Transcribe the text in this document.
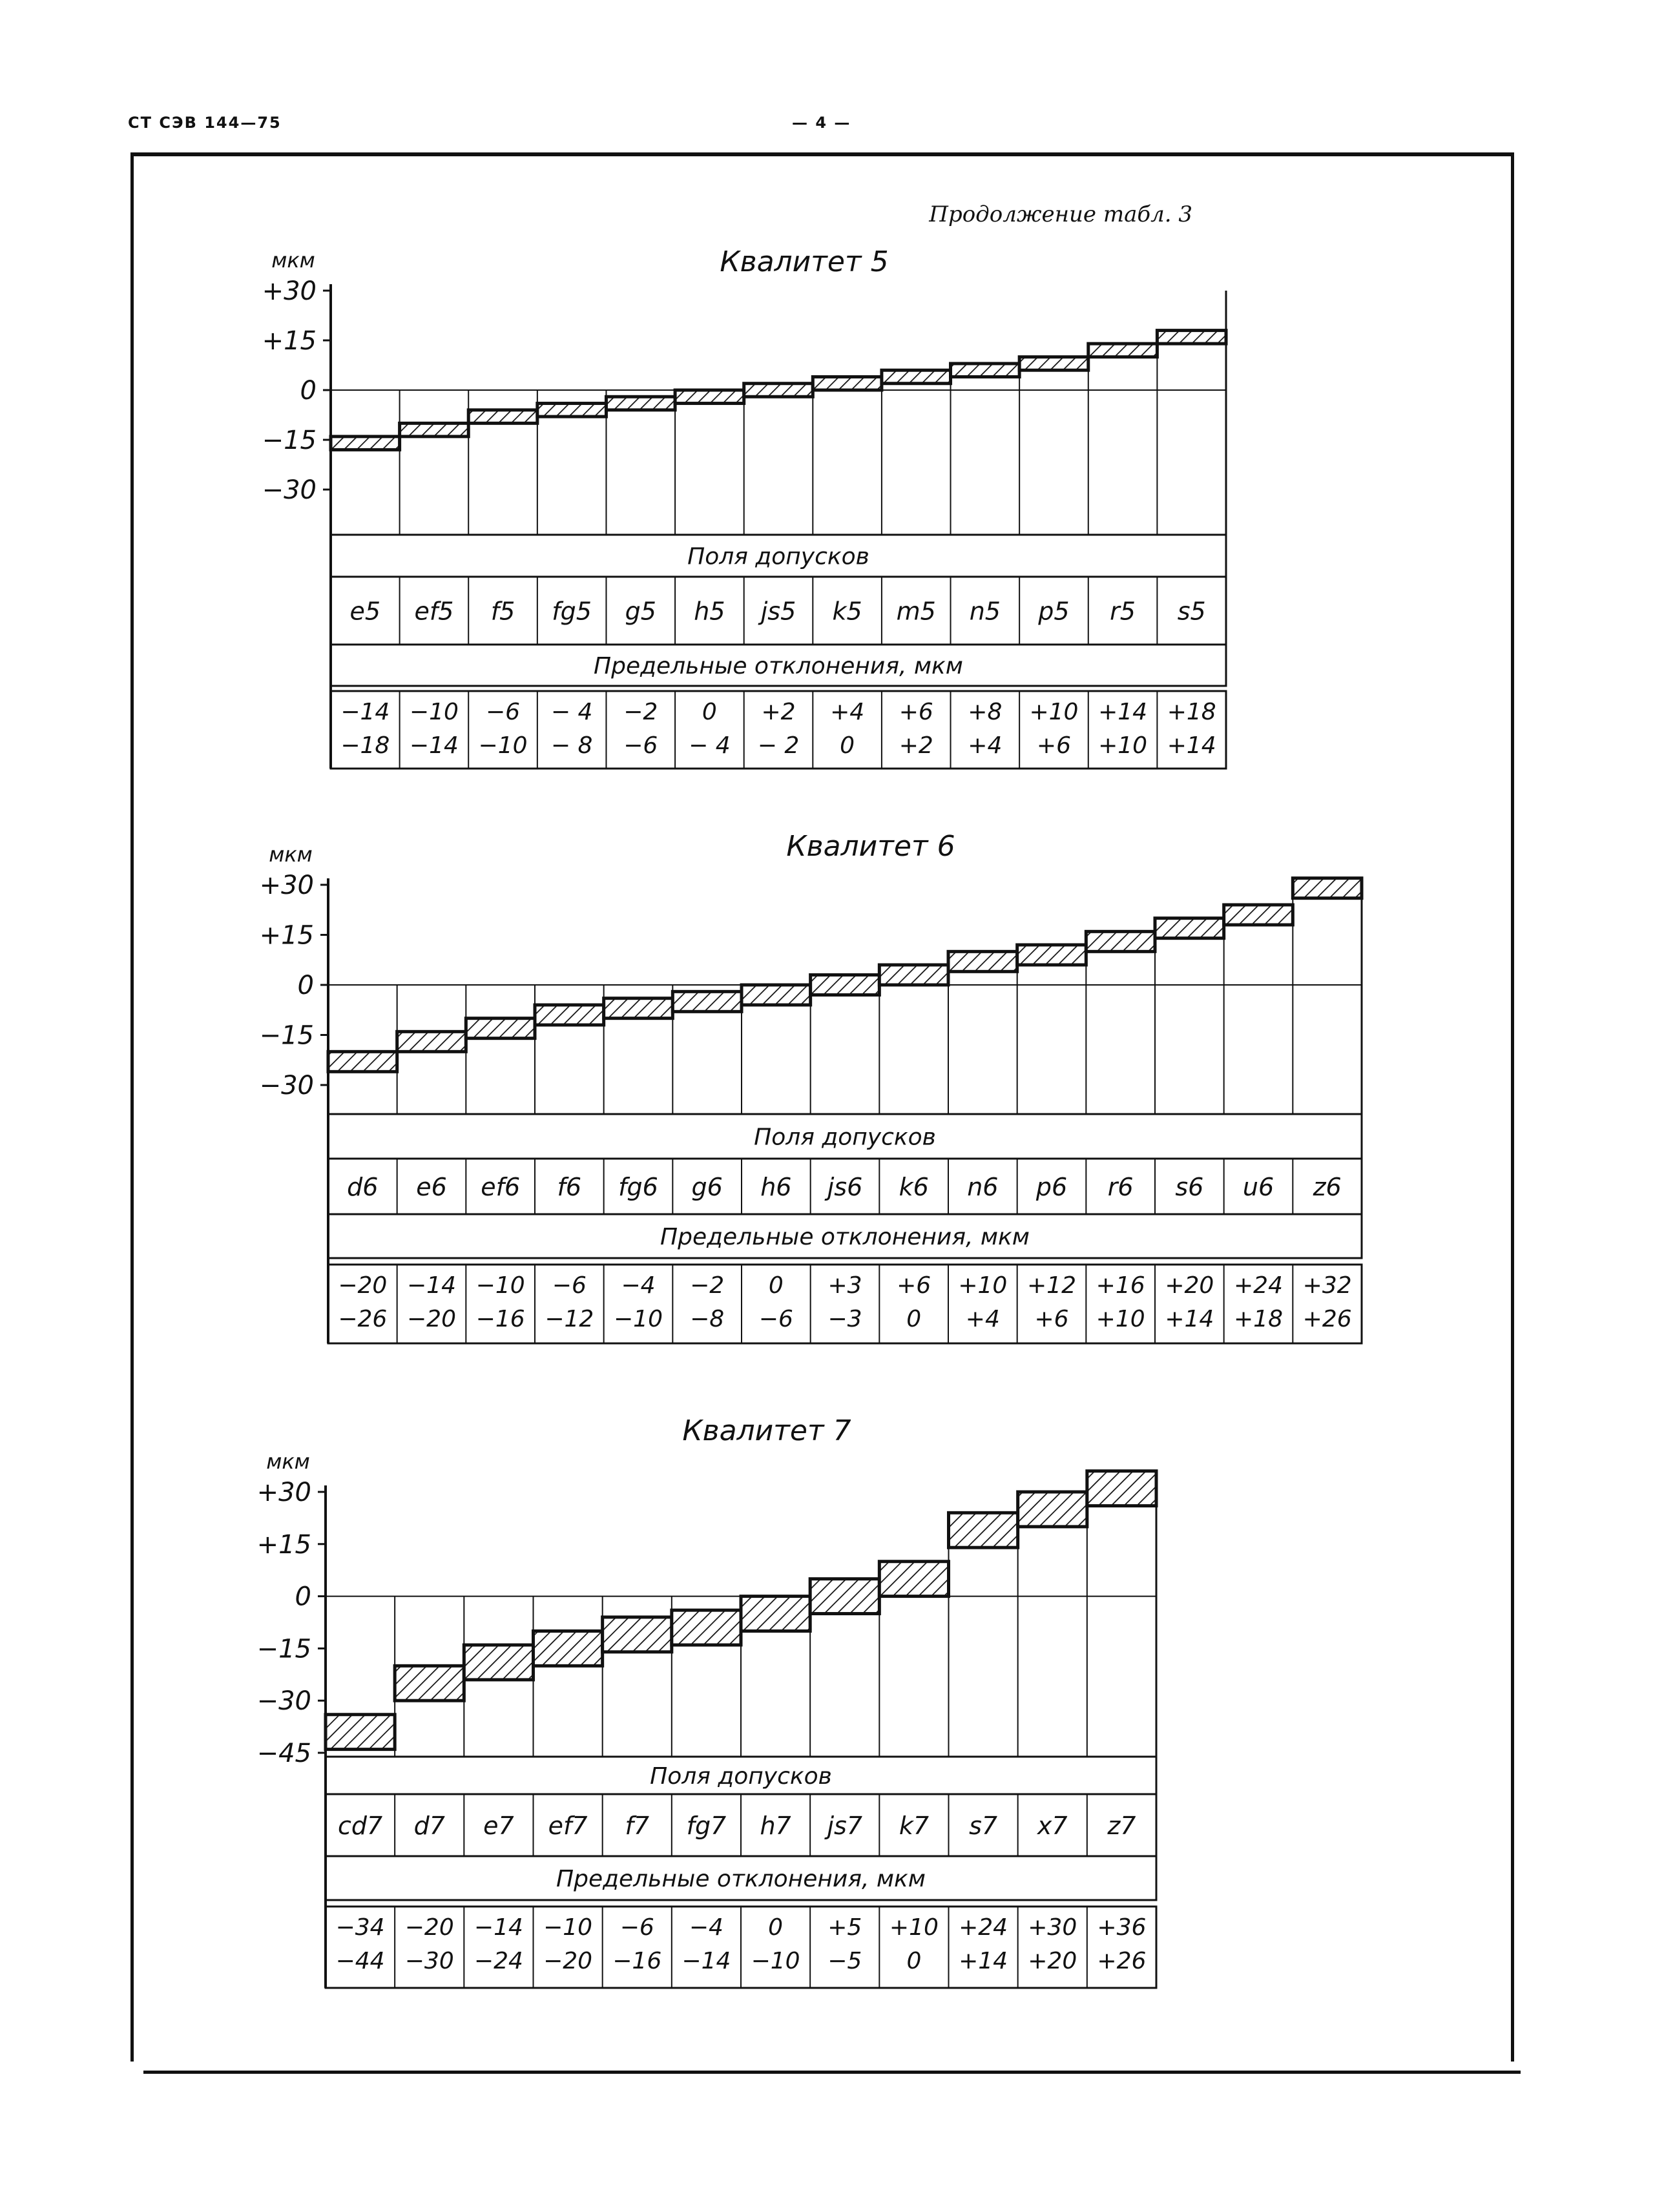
СТ СЭВ 144—75	— 4 —
Продолжение табл. 3
Квалитет 5
мкм
+30
+15
0
−15
−30
Поля допусков
Предельные отклонения, мкм
e5
−14
−18
ef5
−10
−14
f5
−6
−10
fg5
− 4
− 8
g5
−2
−6
h5
0
− 4
js5
+2
− 2
k5
+4
0
m5
+6
+2
n5
+8
+4
p5
+10
+6
r5
+14
+10
s5
+18
+14
Квалитет 6
мкм
+30
+15
0
−15
−30
Поля допусков
Предельные отклонения, мкм
d6
−20
−26
e6
−14
−20
ef6
−10
−16
f6
−6
−12
fg6
−4
−10
g6
−2
−8
h6
0
−6
js6
+3
−3
k6
+6
0
n6
+10
+4
p6
+12
+6
r6
+16
+10
s6
+20
+14
u6
+24
+18
z6
+32
+26
Квалитет 7
мкм
+30
+15
0
−15
−30
−45
Поля допусков
Предельные отклонения, мкм
cd7
−34
−44
d7
−20
−30
e7
−14
−24
ef7
−10
−20
f7
−6
−16
fg7
−4
−14
h7
0
−10
js7
+5
−5
k7
+10
0
s7
+24
+14
x7
+30
+20
z7
+36
+26
